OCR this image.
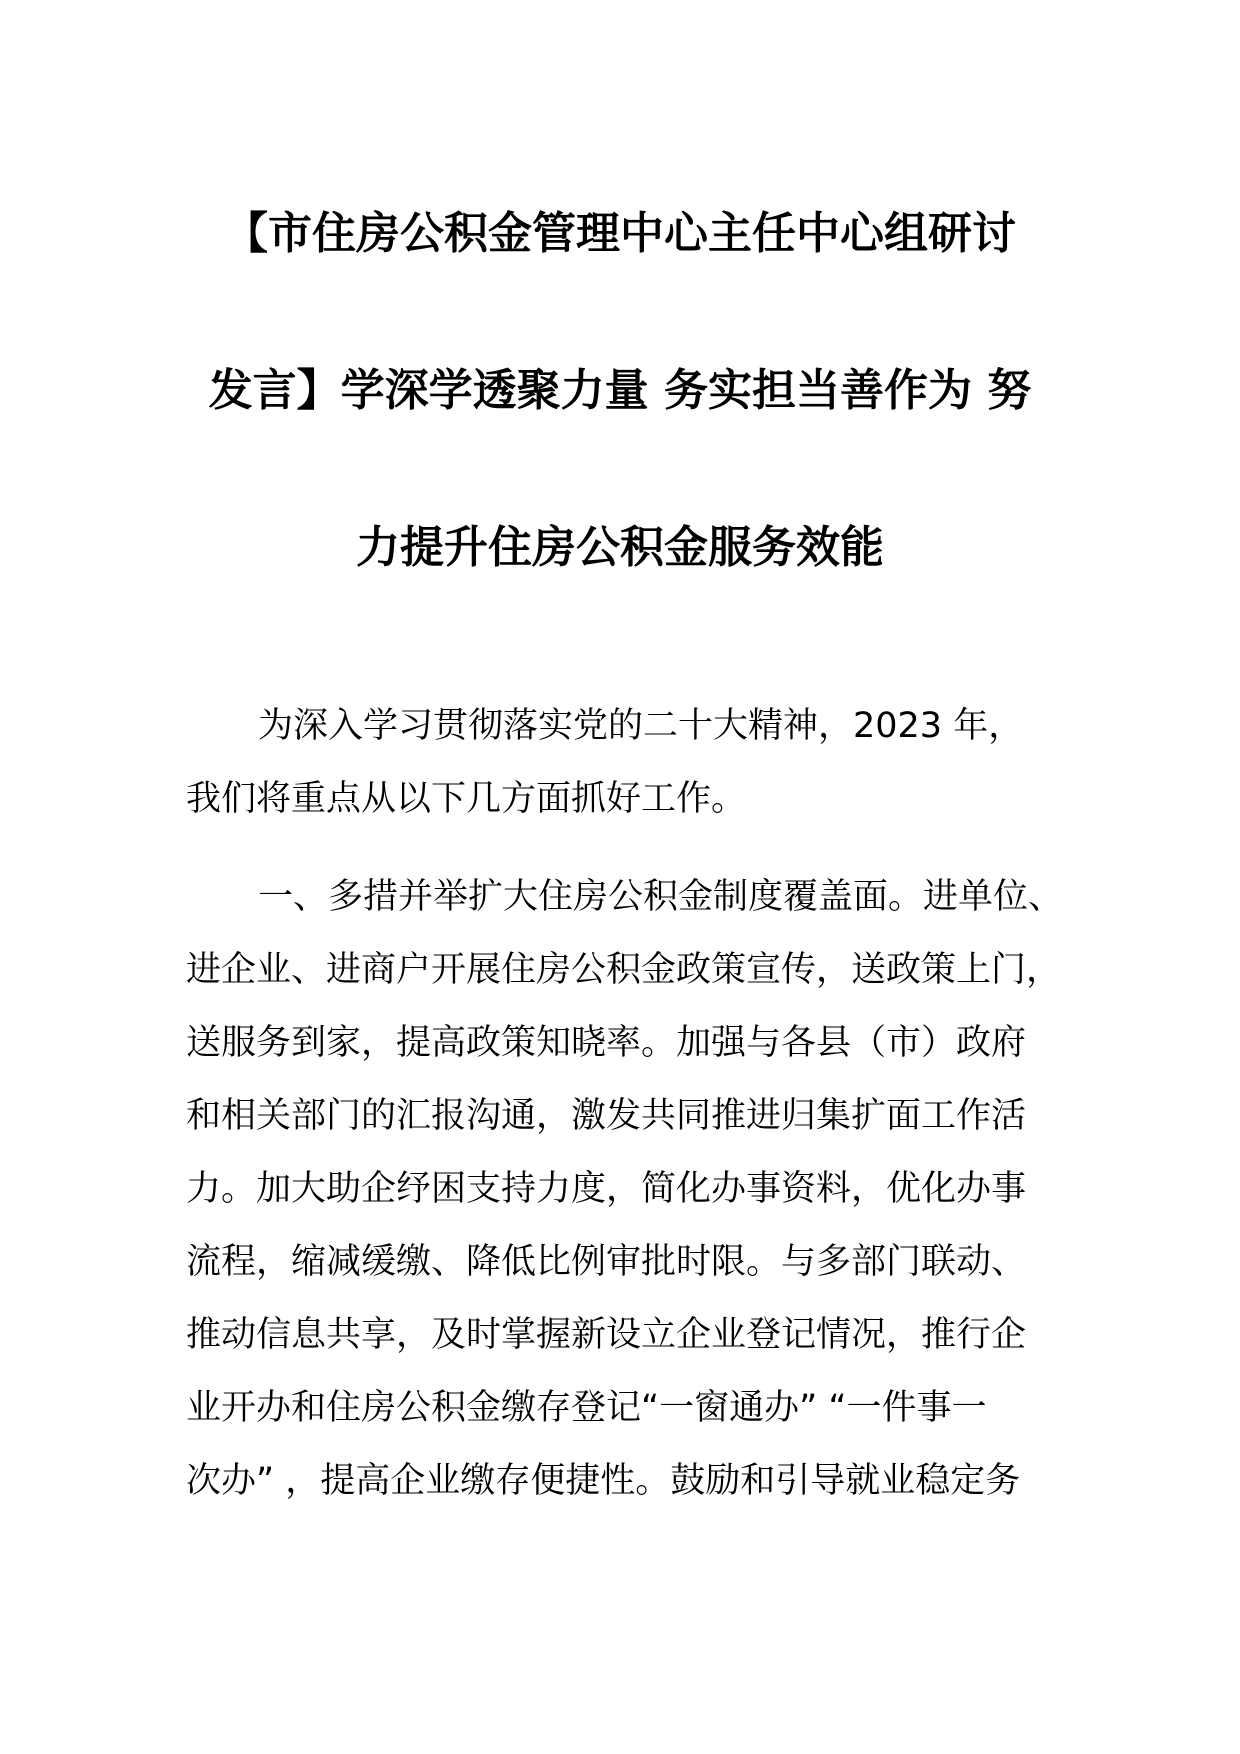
【市住房公积金管理中心主任中心组研讨
发言】学深学透聚力量 务实担当善作为 努
力提升住房公积金服务效能
为深入学习贯彻落实党的二十大精神，2023 年，
我们将重点从以下几方面抓好工作。
一、多措并举扩大住房公积金制度覆盖面。进单位、
进企业、进商户开展住房公积金政策宣传，送政策上门，
送服务到家，提高政策知晓率。加强与各县（市）政府
和相关部门的汇报沟通，激发共同推进归集扩面工作活
力。加大助企纾困支持力度，简化办事资料，优化办事
流程，缩减缓缴、降低比例审批时限。与多部门联动、
推动信息共享，及时掌握新设立企业登记情况，推行企
业开办和住房公积金缴存登记“一窗通办” “一件事一
次办” ，提高企业缴存便捷性。鼓励和引导就业稳定务
